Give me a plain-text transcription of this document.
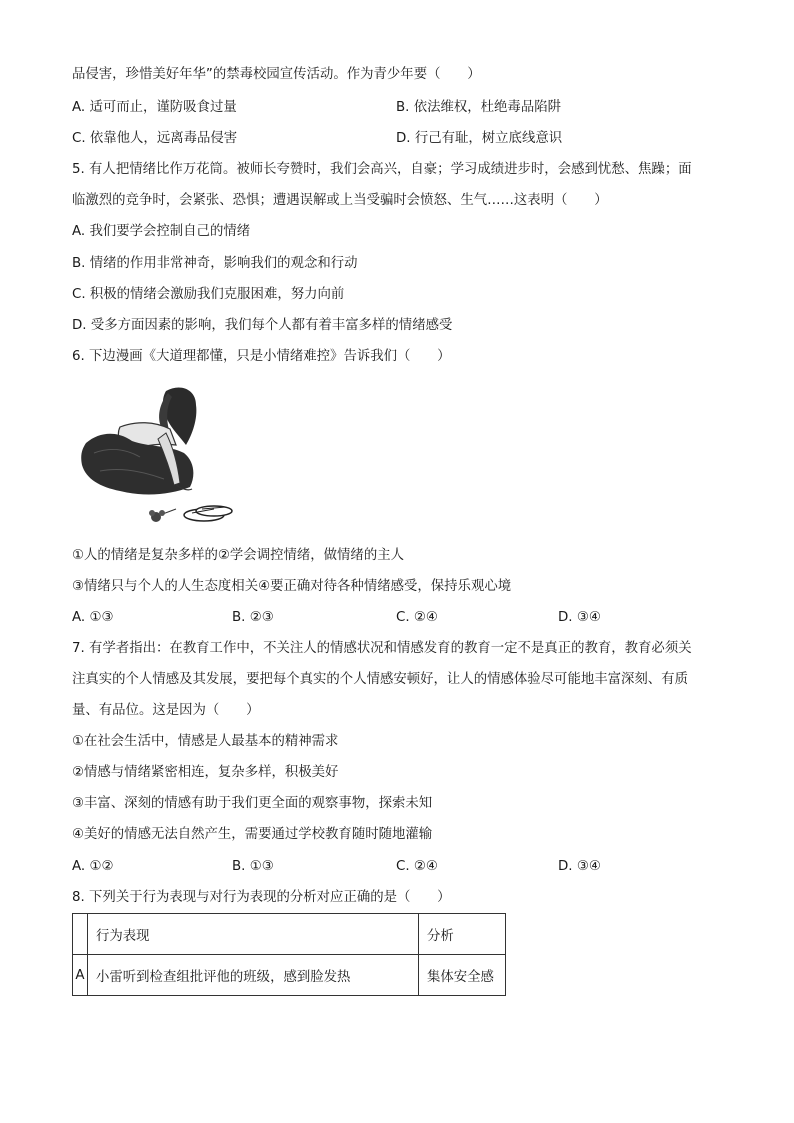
品侵害，珍惜美好年华”的禁毒校园宣传活动。作为青少年要（　　）
A. 适可而止，谨防吸食过量	B. 依法维权，杜绝毒品陷阱
C. 依靠他人，远离毒品侵害	D. 行己有耻，树立底线意识
5. 有人把情绪比作万花筒。被师长夸赞时，我们会高兴，自豪；学习成绩进步时，会感到忧愁、焦躁；面
临激烈的竞争时，会紧张、恐惧；遭遇误解或上当受骗时会愤怒、生气……这表明（　　）
A. 我们要学会控制自己的情绪
B. 情绪的作用非常神奇，影响我们的观念和行动
C. 积极的情绪会激励我们克服困难，努力向前
D. 受多方面因素的影响，我们每个人都有着丰富多样的情绪感受
6. 下边漫画《大道理都懂，只是小情绪难控》告诉我们（　　）
①人的情绪是复杂多样的②学会调控情绪，做情绪的主人
③情绪只与个人的人生态度相关④要正确对待各种情绪感受，保持乐观心境
A. ①③	B. ②③	C. ②④	D. ③④
7. 有学者指出：在教育工作中，不关注人的情感状况和情感发育的教育一定不是真正的教育，教育必须关
注真实的个人情感及其发展，要把每个真实的个人情感安顿好，让人的情感体验尽可能地丰富深刻、有质
量、有品位。这是因为（　　）
①在社会生活中，情感是人最基本的精神需求
②情感与情绪紧密相连，复杂多样，积极美好
③丰富、深刻的情感有助于我们更全面的观察事物，探索未知
④美好的情感无法自然产生，需要通过学校教育随时随地灌输
A. ①②	B. ①③	C. ②④	D. ③④
8. 下列关于行为表现与对行为表现的分析对应正确的是（　　）
	行为表现	分析
A	小雷听到检查组批评他的班级，感到脸发热	集体安全感
